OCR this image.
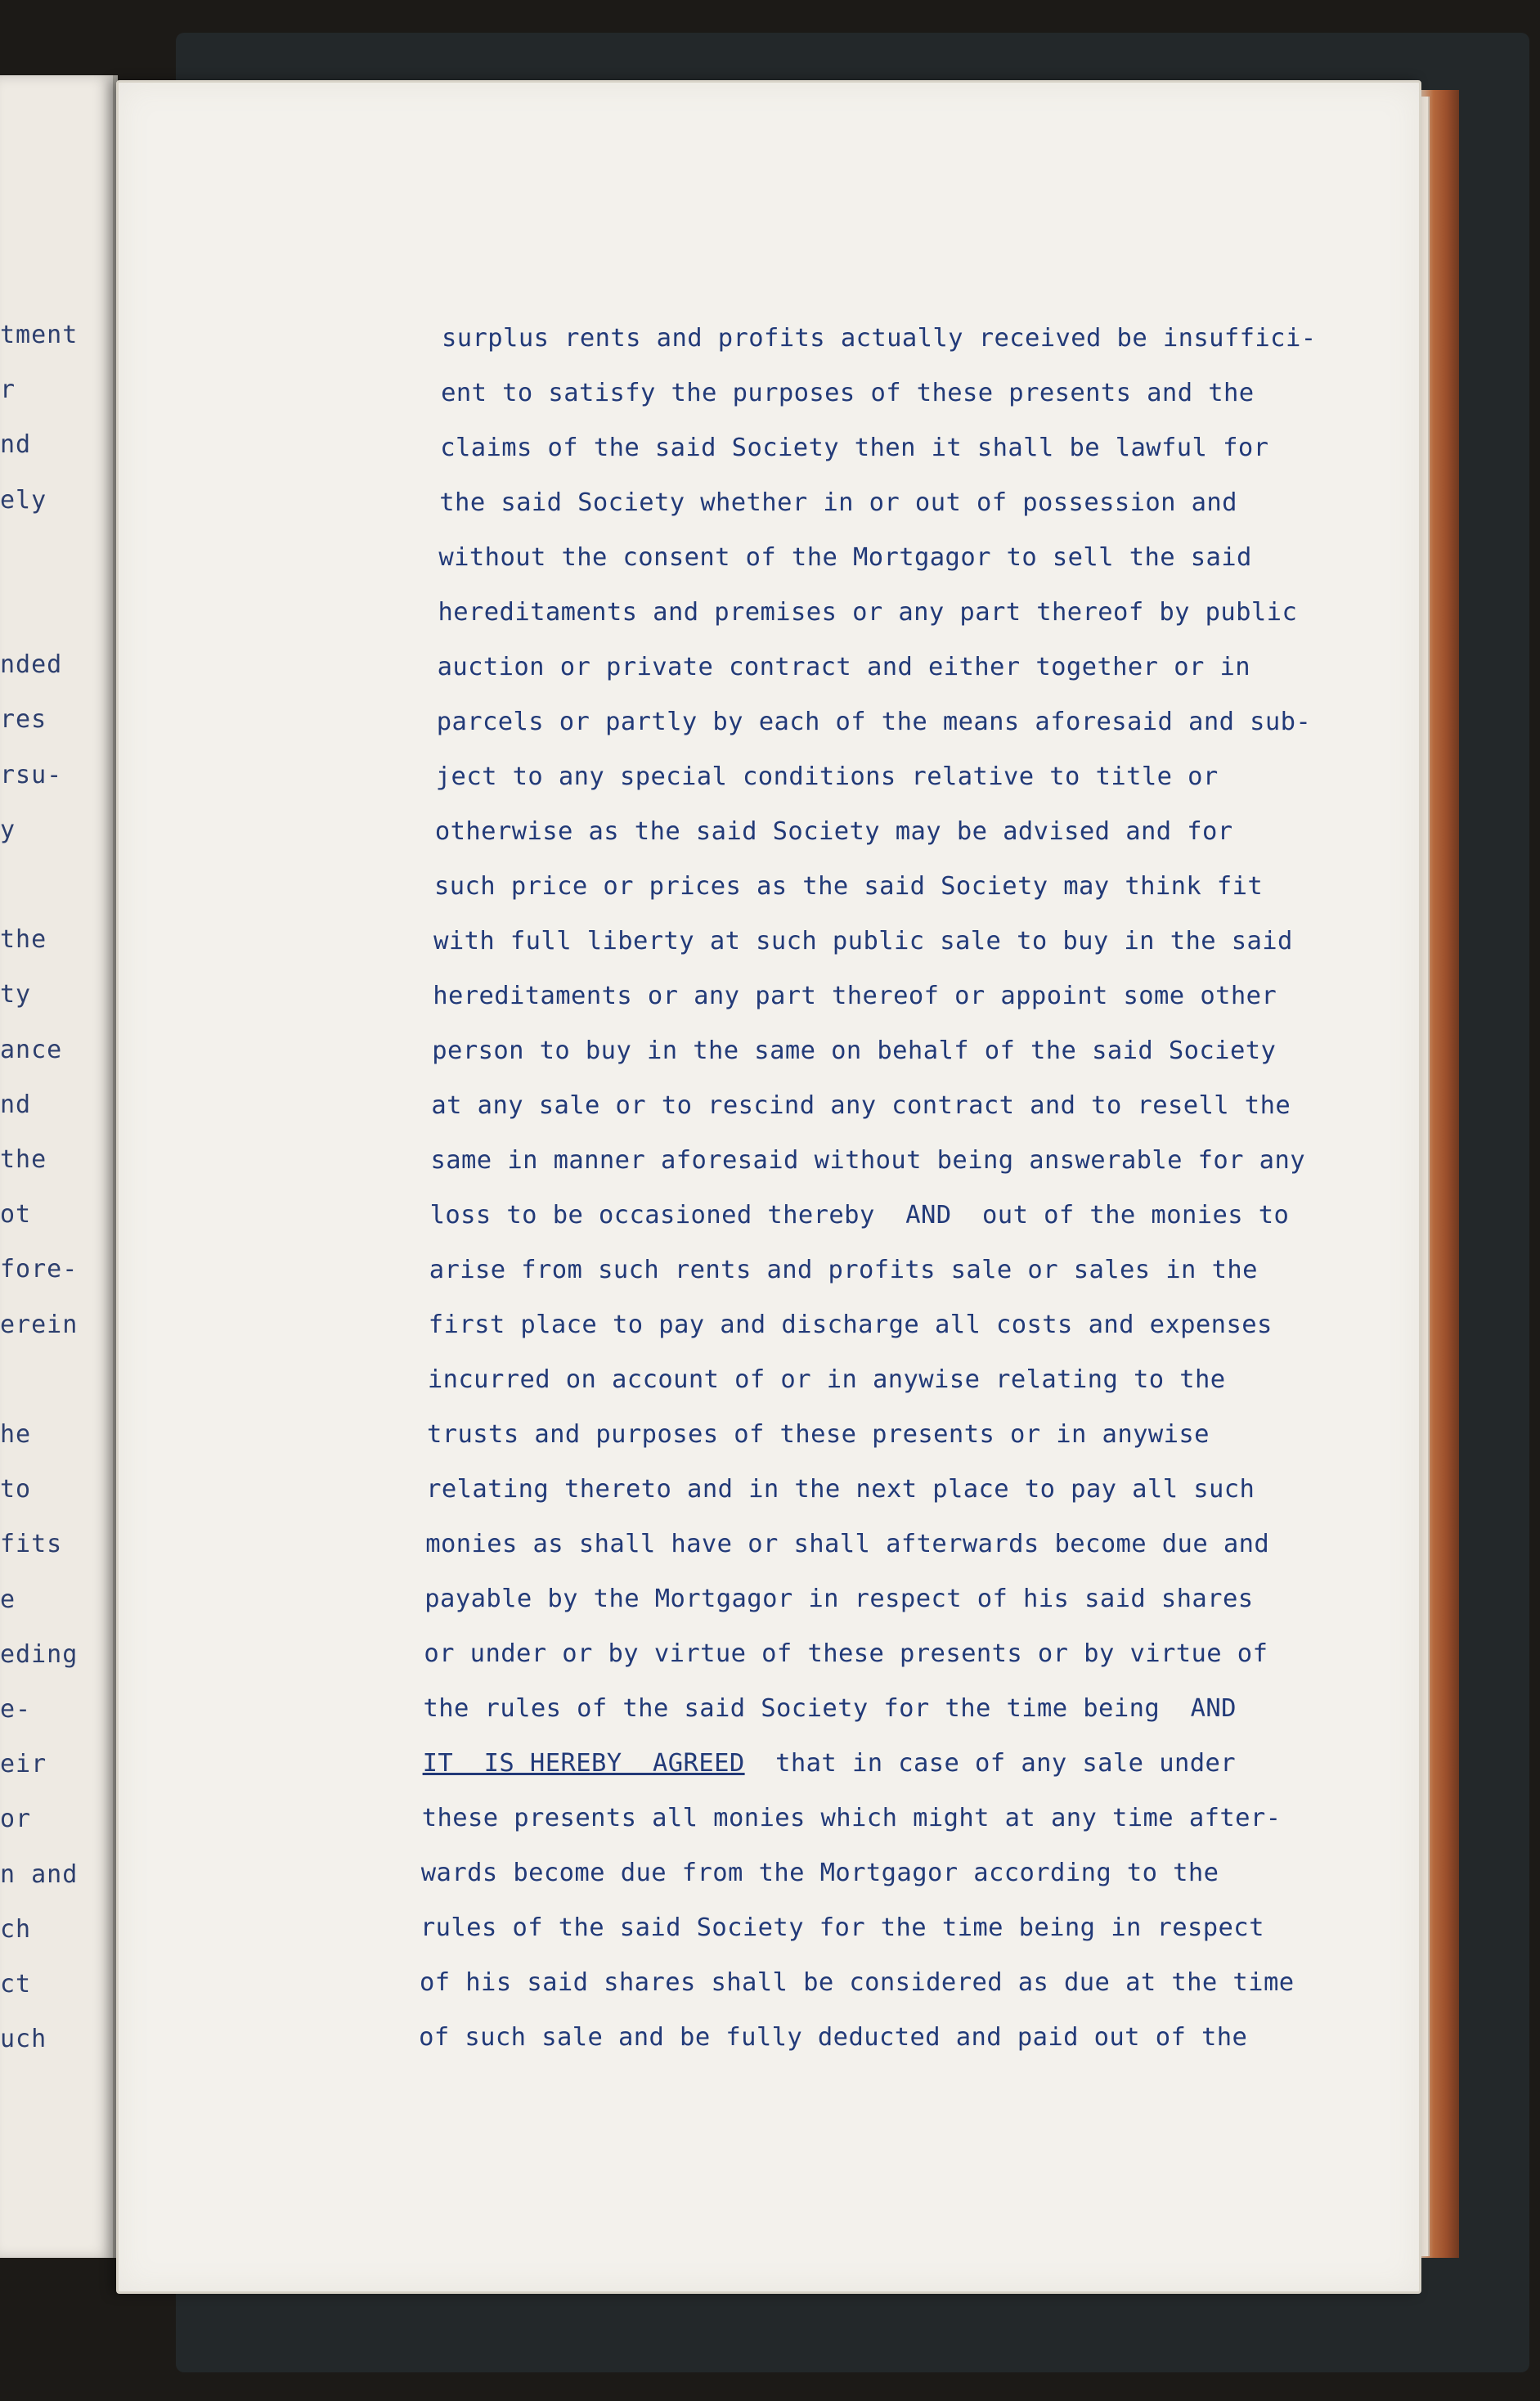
tment
r
nd
ely
nded
res
rsu-
y
the
ty
ance
nd
the
ot
fore-
erein
he
to
fits
e
eding
e-
eir
or
n and
ch
ct
uch
surplus rents and profits actually received be insuffici-
ent to satisfy the purposes of these presents and the
claims of the said Society then it shall be lawful for
the said Society whether in or out of possession and
without the consent of the Mortgagor to sell the said
hereditaments and premises or any part thereof by public
auction or private contract and either together or in
parcels or partly by each of the means aforesaid and sub-
ject to any special conditions relative to title or
otherwise as the said Society may be advised and for
such price or prices as the said Society may think fit
with full liberty at such public sale to buy in the said
hereditaments or any part thereof or appoint some other
person to buy in the same on behalf of the said Society
at any sale or to rescind any contract and to resell the
same in manner aforesaid without being answerable for any
loss to be occasioned thereby  AND  out of the monies to
arise from such rents and profits sale or sales in the
first place to pay and discharge all costs and expenses
incurred on account of or in anywise relating to the
trusts and purposes of these presents or in anywise
relating thereto and in the next place to pay all such
monies as shall have or shall afterwards become due and
payable by the Mortgagor in respect of his said shares
or under or by virtue of these presents or by virtue of
the rules of the said Society for the time being  AND
IT  IS HEREBY  AGREED  that in case of any sale under
these presents all monies which might at any time after-
wards become due from the Mortgagor according to the
rules of the said Society for the time being in respect
of his said shares shall be considered as due at the time
of such sale and be fully deducted and paid out of the
